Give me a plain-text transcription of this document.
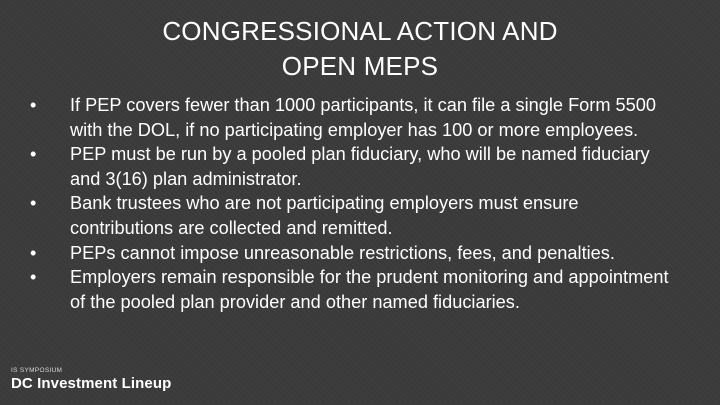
CONGRESSIONAL ACTION AND
OPEN MEPS
•	If PEP covers fewer than 1000 participants, it can file a single Form 5500 with the DOL, if no participating employer has 100 or more employees.
•	PEP must be run by a pooled plan fiduciary, who will be named fiduciary and 3(16) plan administrator.
•	Bank trustees who are not participating employers must ensure contributions are collected and remitted.
•	PEPs cannot impose unreasonable restrictions, fees, and penalties.
•	Employers remain responsible for the prudent monitoring and appointment of the pooled plan provider and other named fiduciaries.
IS SYMPOSIUM
DC Investment Lineup
